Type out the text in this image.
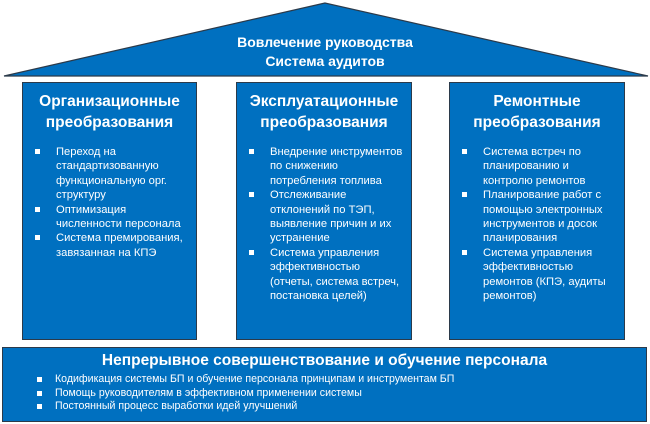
Вовлечение руководства
Система аудитов
Организационные
преобразования
Переход на стандартизованную функциональную орг. структуру
Оптимизация численности персонала
Система премирования, завязанная на КПЭ
Эксплуатационные
преобразования
Внедрение инструментов по снижению потребления топлива
Отслеживание отклонений по ТЭП, выявление причин и их устранение
Система управления эффективностью (отчеты, система встреч, постановка целей)
Ремонтные
преобразования
Система встреч по планированию и контролю ремонтов
Планирование работ с помощью электронных инструментов и досок планирования
Система управления эффективностью ремонтов (КПЭ, аудиты ремонтов)
Непрерывное совершенствование и обучение персонала
Кодификация системы БП и обучение персонала принципам и инструментам БП
Помощь руководителям в эффективном применении системы
Постоянный процесс выработки идей улучшений
